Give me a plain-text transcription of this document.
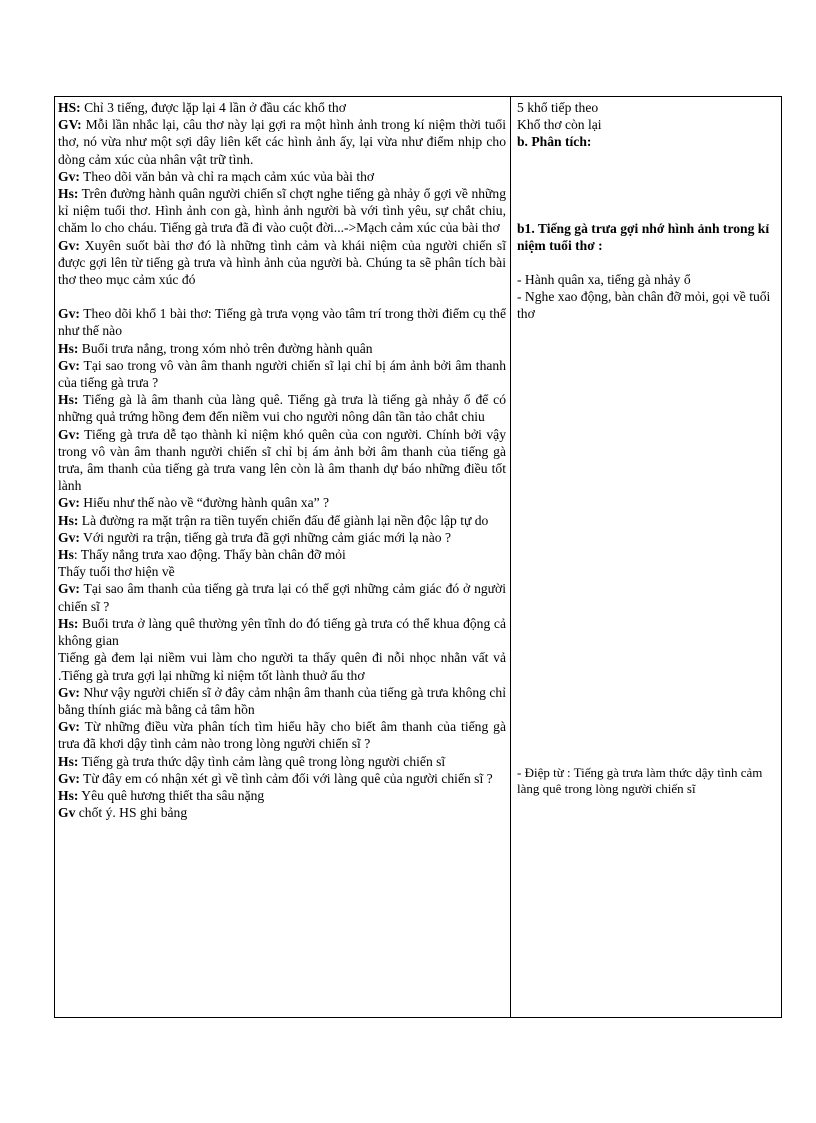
HS: Chỉ 3 tiếng, được lặp lại 4 lần ở đầu các khổ thơ

GV: Mỗi lần nhắc lại, câu thơ này lại gợi ra một hình ảnh trong kí niệm thời tuổi thơ, nó vừa như một sợi dây liên kết các hình ảnh ấy, lại vừa như điểm nhịp cho dòng cảm xúc của nhân vật trữ tình.

Gv: Theo dõi văn bản và chỉ ra mạch cảm xúc vủa bài thơ

Hs: Trên đường hành quân người chiến sĩ chợt nghe tiếng gà nhảy ổ gợi về những kỉ niệm tuổi thơ. Hình ảnh con gà, hình ảnh người bà với tình yêu, sự chắt chiu, chăm lo cho cháu. Tiếng gà trưa đã đi vào cuột đời...->Mạch cảm xúc của bài thơ

Gv: Xuyên suốt bài thơ đó là những tình cảm và khái niệm của người chiến sĩ được gợi lên từ tiếng gà trưa và hình ảnh của người bà. Chúng ta sẽ phân tích bài thơ theo mục cảm xúc đó

Gv: Theo dõi khổ 1 bài thơ: Tiếng gà trưa vọng vào tâm trí trong thời điểm cụ thể như thế nào

Hs: Buổi trưa nắng, trong xóm nhỏ trên đường hành quân

Gv: Tại sao trong vô vàn âm thanh người chiến sĩ lại chỉ bị ám ảnh bởi âm thanh của tiếng gà trưa ?

Hs: Tiếng gà là âm thanh của làng quê. Tiếng gà trưa là tiếng gà nhảy ổ để có những quả trứng hồng đem đến niềm vui cho người nông dân tần tảo chắt chiu

Gv: Tiếng gà trưa dễ tạo thành kỉ niệm khó quên của con người. Chính bởi vậy trong vô vàn âm thanh người chiến sĩ chỉ bị ám ảnh bởi âm thanh của tiếng gà trưa, âm thanh của tiếng gà trưa vang lên còn là âm thanh dự báo những điều tốt lành

Gv: Hiểu như thế nào về “đường hành quân xa” ?

Hs: Là đường ra mặt trận ra tiền tuyến chiến đấu để giành lại nền độc lập tự do

Gv: Với người ra trận, tiếng gà trưa đã gợi những cảm giác mới lạ nào ?

Hs: Thấy nắng trưa xao động. Thấy bàn chân đỡ mỏi

Thấy tuổi thơ hiện về

Gv: Tại sao âm thanh của tiếng gà trưa lại có thể gợi những cảm giác đó ở người chiến sĩ ?

Hs: Buổi trưa ở làng quê thường yên tĩnh do đó tiếng gà trưa có thể khua động cả không gian

Tiếng gà đem lại niềm vui làm cho người ta thấy quên đi nỗi nhọc nhằn vất vả .Tiếng gà trưa gợi lại những kỉ niệm tốt lành thuở ấu thơ

Gv: Như vậy người chiến sĩ ở đây cảm nhận âm thanh của tiếng gà trưa không chỉ bằng thính giác mà bằng cả tâm hồn

Gv: Từ những điều vừa phân tích tìm hiểu hãy cho biết âm thanh của tiếng gà trưa đã khơi dậy tình cảm nào trong lòng người chiến sĩ ?

Hs: Tiếng gà trưa thức dậy tình cảm làng quê trong lòng người chiến sĩ

Gv: Từ đây em có nhận xét gì về tình cảm đối với làng quê của người chiến sĩ ?

Hs: Yêu quê hương thiết tha sâu nặng

Gv chốt ý. HS ghi bảng

5 khổ tiếp theo

Khổ thơ còn lại

b. Phân tích:

b1. Tiếng gà trưa gợi nhớ hình ảnh trong kỉ niệm tuổi thơ :

- Hành quân xa, tiếng gà nhảy ổ

- Nghe xao động, bàn chân đỡ mỏi, gọi về tuổi thơ

- Điệp từ : Tiếng gà trưa làm thức dậy tình cảm làng quê trong lòng người chiến sĩ
